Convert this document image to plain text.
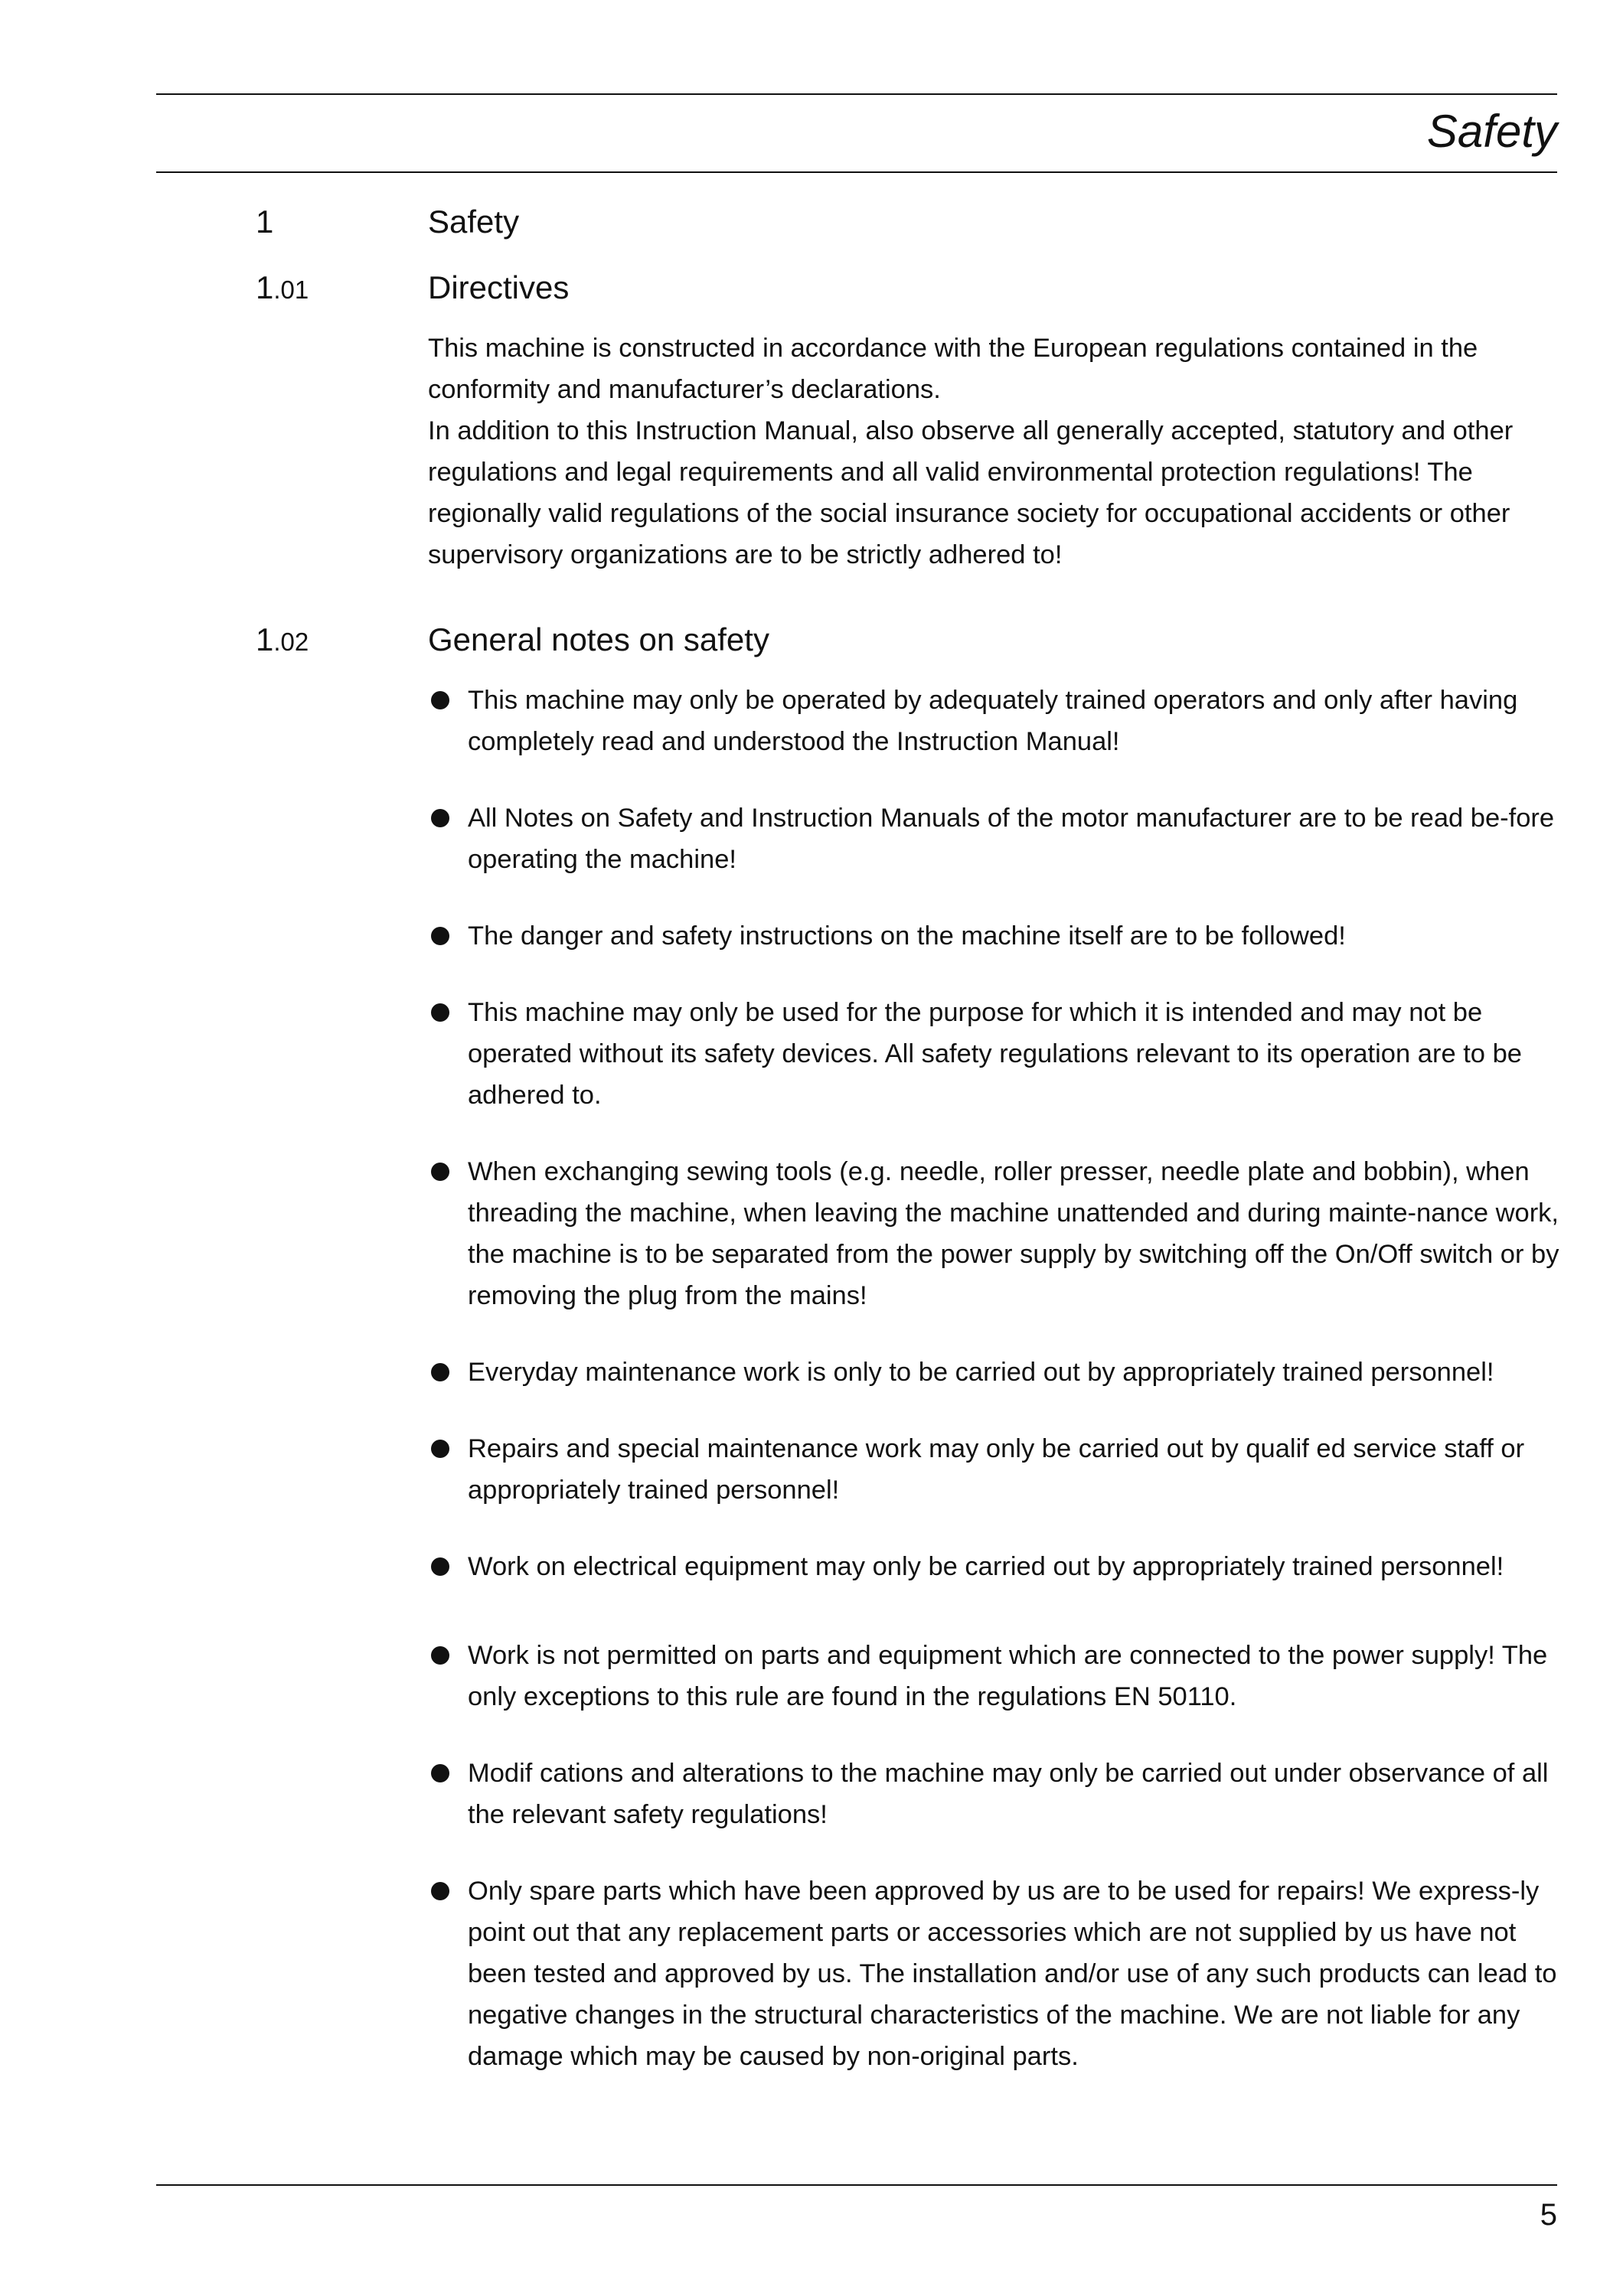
Safety
1	Safety
1.01	Directives

This machine is constructed in accordance with the European regulations contained in the conformity and manufacturer’s declarations.

In addition to this Instruction Manual, also observe all generally accepted, statutory and other regulations and legal requirements and all valid environmental protection regulations! The regionally valid regulations of the social insurance society for occupational accidents or other supervisory organizations are to be strictly adhered to!

1.02	General notes on safety
This machine may only be operated by adequately trained operators and only after having completely read and understood the Instruction Manual!
All Notes on Safety and Instruction Manuals of the motor manufacturer are to be read be-fore operating the machine!
The danger and safety instructions on the machine itself are to be followed!
This machine may only be used for the purpose for which it is intended and may not be operated without its safety devices. All safety regulations relevant to its operation are to be adhered to.
When exchanging sewing tools (e.g. needle, roller presser, needle plate and bobbin), when threading the machine, when leaving the machine unattended and during mainte-nance work, the machine is to be separated from the power supply by switching off the On/Off switch or by removing the plug from the mains!
Everyday maintenance work is only to be carried out by appropriately trained personnel!
Repairs and special maintenance work may only be carried out by qualif ed service staff or appropriately trained personnel!
Work on electrical equipment may only be carried out by appropriately trained personnel!
Work is not permitted on parts and equipment which are connected to the power supply! The only exceptions to this rule are found in the regulations EN 50110.
Modif cations and alterations to the machine may only be carried out under observance of all the relevant safety regulations!
Only spare parts which have been approved by us are to be used for repairs! We express-ly point out that any replacement parts or accessories which are not supplied by us have not been tested and approved by us. The installation and/or use of any such products can lead to negative changes in the structural characteristics of the machine. We are not liable for any damage which may be caused by non-original parts.
5
